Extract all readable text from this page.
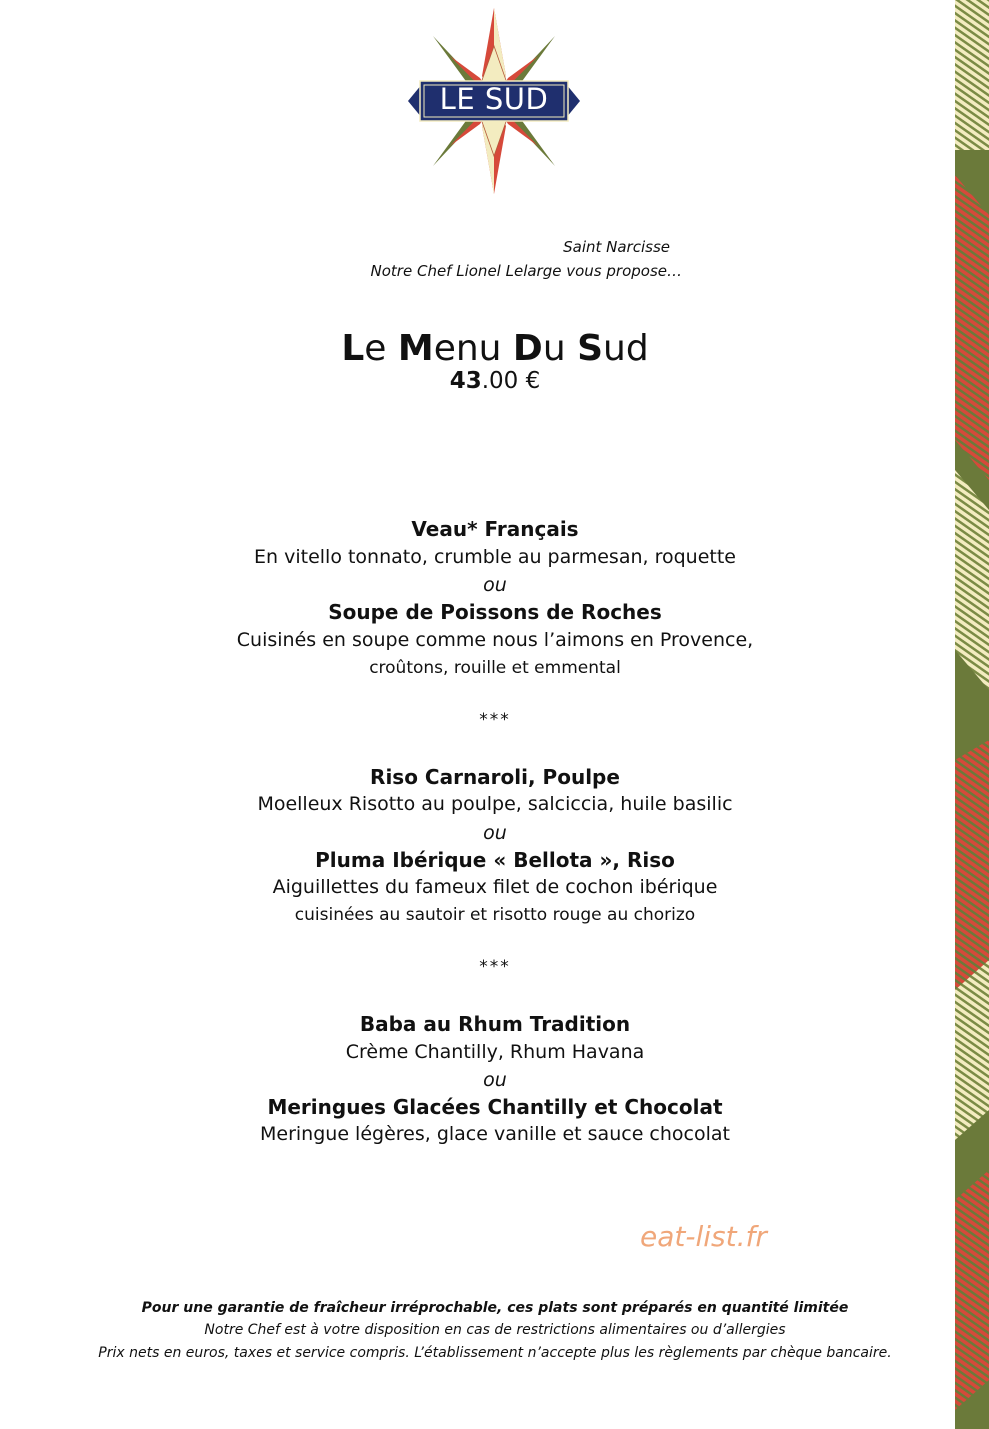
LE SUD
Saint Narcisse
Notre Chef Lionel Lelarge vous propose…
Le Menu Du Sud
43.00 €
Veau* Français
En vitello tonnato, crumble au parmesan, roquette
ou
Soupe de Poissons de Roches
Cuisinés en soupe comme nous l’aimons en Provence,
croûtons, rouille et emmental
***
Riso Carnaroli, Poulpe
Moelleux Risotto au poulpe, salciccia, huile basilic
ou
Pluma Ibérique « Bellota », Riso
Aiguillettes du fameux filet de cochon ibérique
cuisinées au sautoir et risotto rouge au chorizo
***
Baba au Rhum Tradition
Crème Chantilly, Rhum Havana
ou
Meringues Glacées Chantilly et Chocolat
Meringue légères, glace vanille et sauce chocolat
eat-list.fr
Pour une garantie de fraîcheur irréprochable, ces plats sont préparés en quantité limitée
Notre Chef est à votre disposition en cas de restrictions alimentaires ou d’allergies
Prix nets en euros, taxes et service compris. L’établissement n’accepte plus les règlements par chèque bancaire.
